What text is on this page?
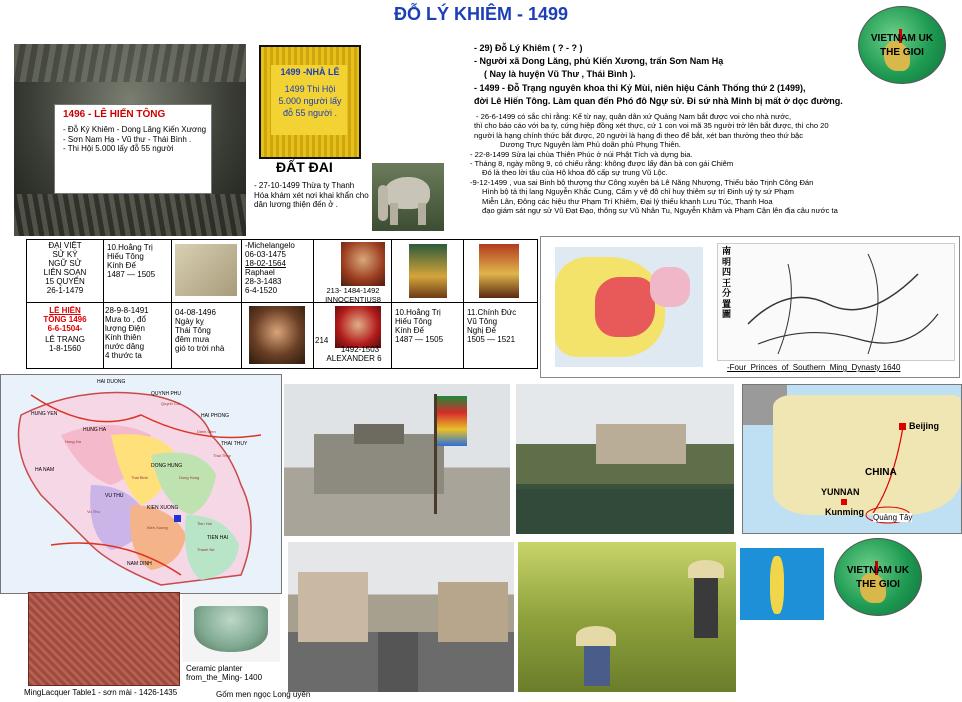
ĐỖ LÝ KHIÊM - 1499
VIETNAM UK
THE GIOI
1496 - LÊ HIẾN TÔNG
- Đỗ Ký Khiêm - Dong Lăng Kiến Xương - Sơn Nam Hạ - Vũ thư - Thái Bình .
- Thi Hội 5.000 lấy đỗ 55 người
1499 -NHÀ LÊ
1499 Thi Hội
5.000 người lấy
đỗ 55 người .
ĐẤT ĐAI
- 27-10-1499 Thừa ty Thanh Hóa khám xét nơi khai khẩn cho dân lương thiện đến ở .
- 29) Đỗ Lý Khiêm ( ? - ? )
- Người xã Dong Lăng, phủ Kiến Xương, trấn Sơn Nam Hạ
( Nay là huyện Vũ Thư , Thái Bình ).
- 1499 - Đỗ Trạng nguyên khoa thi Kỷ Mùi, niên hiệu Cảnh Thống thứ 2 (1499),
đời Lê Hiến Tông. Làm quan đến Phó đô Ngự sử. Đi sứ nhà Minh bị mất ở dọc đường.
- 26-6-1499 có sắc chỉ rằng: Kể từ nay, quân dân xứ Quảng Nam bắt được voi cho nhà nước,
thì cho báo cáo với bạ ty, cứng hiệp đồng xét thực, cứ 1 con voi mã 35 người trở lên bắt được, thì cho 20
người là hạng chính thức bắt được, 20 người là hạng đi theo để bắt, xét ban thưởng theo thứ bậc
Dương Trực Nguyên làm Phủ doãn phủ Phụng Thiên.
- 22-8-1499 Sửa lại chùa Thiên Phúc ở núi Phật Tích và dựng bia.
- Tháng 8, ngày mồng 9, có chiếu rằng: không được lấy đàn bà con gái Chiêm
Đó là theo lời tâu của Hộ khoa đô cấp sự trung Vũ Lộc.
-9-12-1499 , vua sai Binh bộ thượng thư Công xuyên bá Lê Năng Nhượng, Thiếu bảo Trịnh Công Đán
Hình bộ tả thị lang Nguyễn Khắc Cung, Cẩm y vệ đô chỉ huy thiêm sự trí Đinh uý ty sứ Phạm
Miễn Lân, Đông các hiệu thư Phạm Trí Khiêm, Đại lý thiếu khanh Lưu Túc, Thanh Hoa
đạo giám sát ngự sử Vũ Đạt Đạo, thông sự Vũ Nhân Tu, Nguyễn Khâm và Phạm Cận lên địa câu nước ta
ĐẠI VIỆT
SỬ KÝ
NGỮ SỬ
LIÊN SOẠN
15 QUYỂN
26-1-1479
10.Hoằng Trị
Hiếu Tông
Kính Đế
1487 — 1505
-Michelangelo
06-03-1475
18-02-1564
Raphael
28-3-1483
6-4-1520	213- 1484-1492 INNOCENTIUS8
LÊ HIẾN
TÔNG 1496
6-6-1504-
LÊ TRANG
1-8-1560
28-9-8-1491
Mưa to , đổ
lượng Điện
Kính thiên
nước dâng
4 thước ta
04-08-1496
Ngày kỵ
Thái Tông
đêm mưa
gió to trời nhà
214
1492-1503
ALEXANDER 6
10.Hoằng Trị
Hiếu Tông
Kính Đế
1487 — 1505
11.Chính Đức
Vũ Tông
Nghị Đế
1505 — 1521
南
明
四
王
分
置
圖
-Four_Princes_of_Southern_Ming_Dynasty 1640
HAI DUONG
QUYNH PHU
HUNG YEN
HUNG HA
HAI PHONG
THAI THUY
DONG HUNG
HA NAM
VU THU
KIEN XUONG
TIEN HAI
NAM DINH
Thai Binh
Quynh Coi
Hung Ha
Dong Hung
Diem Dien
Thai Thuy
Vu Thu
Tien Hai
Kien Xuong
Thanh Ne
Beijing
CHINA
YUNNAN
Kunming
Quảng Tây
VIETNAM UK
THE GIOI
Ceramic planter
from_the_Ming- 1400
MingLacquer Table1 - sơn mài - 1426-1435	Gốm men ngọc Long uyên
